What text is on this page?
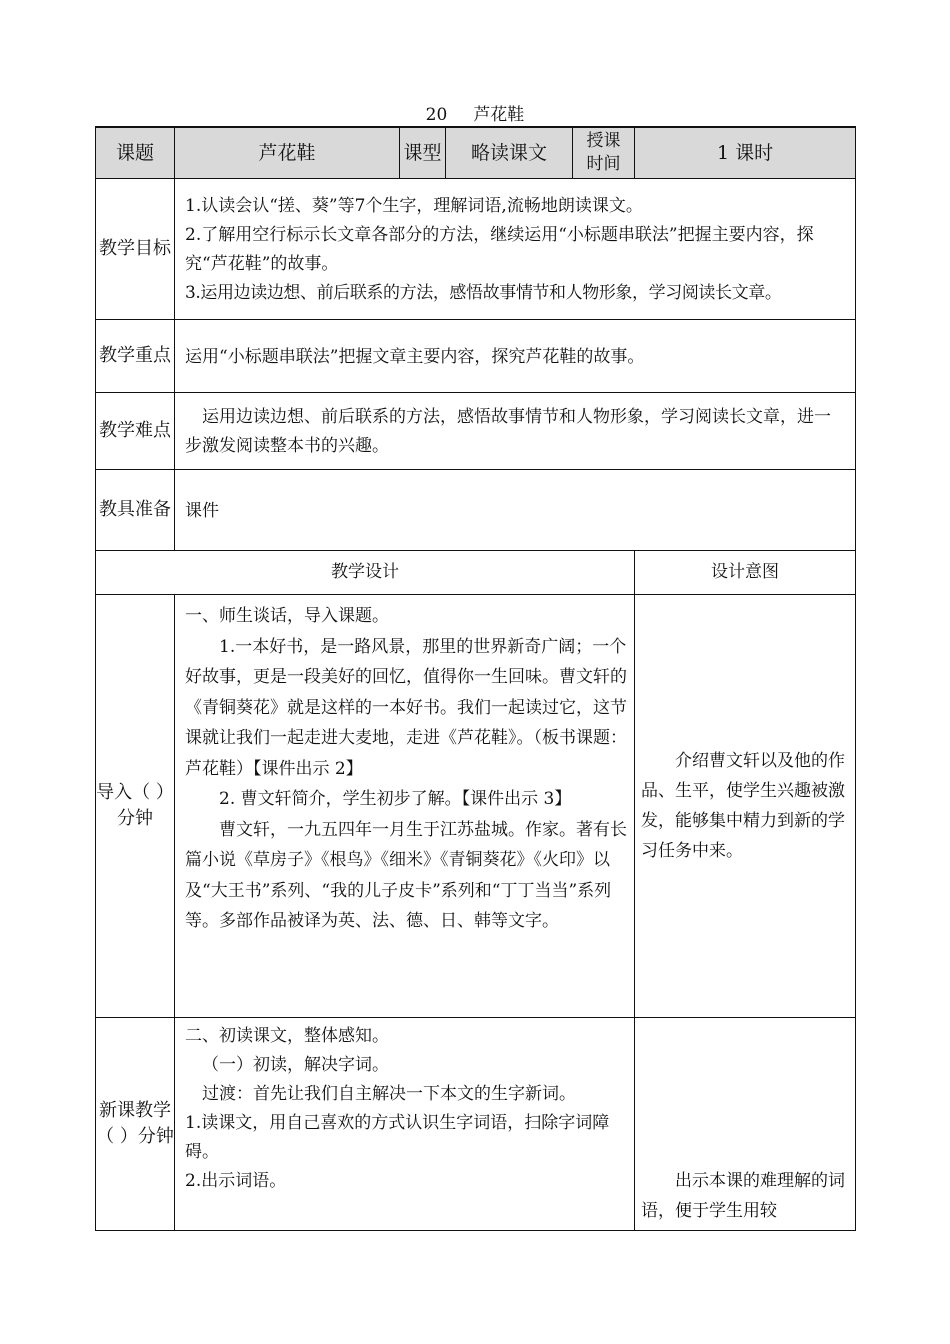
20 芦花鞋
课题	芦花鞋	课型	略读课文	授课时间	1 课时
教学目标	1.认读会认“搓、葵”等7个生字，理解词语,流畅地朗读课文。

2.了解用空行标示长文章各部分的方法，继续运用“小标题串联法”把握主要内容，探究“芦花鞋”的故事。

3.运用边读边想、前后联系的方法，感悟故事情节和人物形象，学习阅读长文章。				

教学重点	运用“小标题串联法”把握文章主要内容，探究芦花鞋的故事。				
教学难点	运用边读边想、前后联系的方法，感悟故事情节和人物形象，学习阅读长文章，进一步激发阅读整本书的兴趣。				
教具准备	课件				
教学设计					设计意图
导入（ ）分钟	一、师生谈话，导入课题。

1.一本好书，是一路风景，那里的世界新奇广阔；一个好故事，更是一段美好的回忆，值得你一生回味。曹文轩的《青铜葵花》就是这样的一本好书。我们一起读过它，这节课就让我们一起走进大麦地，走进《芦花鞋》。（板书课题：芦花鞋）【课件出示 2】

2. 曹文轩简介，学生初步了解。【课件出示 3】

曹文轩，一九五四年一月生于江苏盐城。作家。著有长篇小说《草房子》《根鸟》《细米》《青铜葵花》《火印》以及“大王书”系列、“我的儿子皮卡”系列和“丁丁当当”系列等。多部作品被译为英、法、德、日、韩等文字。				介绍曹文轩以及他的作品、生平，使学生兴趣被激发，能够集中精力到新的学习任务中来。
新课教学（ ）分钟	二、初读课文，整体感知。

（一）初读，解决字词。

过渡：首先让我们自主解决一下本文的生字新词。

1.读课文，用自己喜欢的方式认识生字词语，扫除字词障碍。

2.出示词语。				出示本课的难理解的词语，便于学生用较
